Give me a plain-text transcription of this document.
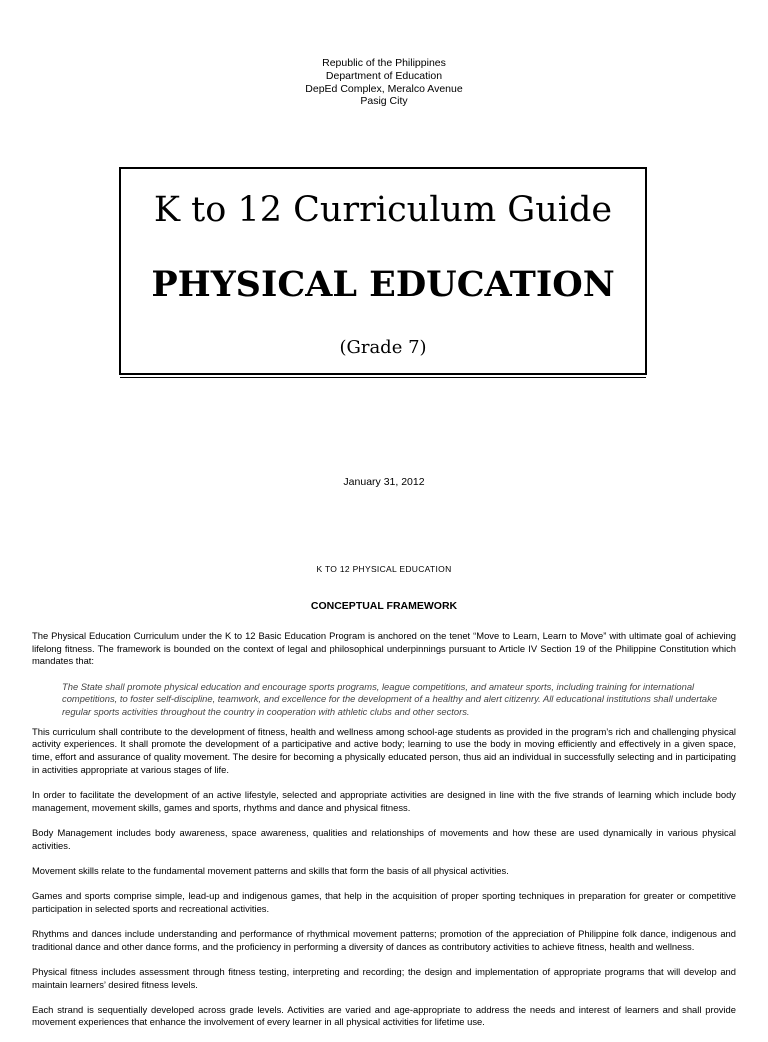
Republic of the Philippines
Department of Education
DepEd Complex, Meralco Avenue
Pasig City
K to 12 Curriculum Guide
PHYSICAL EDUCATION
(Grade 7)
January 31, 2012
K TO 12 PHYSICAL EDUCATION
CONCEPTUAL FRAMEWORK

The Physical Education Curriculum under the K to 12 Basic Education Program is anchored on the tenet “Move to Learn, Learn to Move” with ultimate goal of achieving lifelong fitness. The framework is bounded on the context of legal and philosophical underpinnings pursuant to Article IV Section 19 of the Philippine Constitution which mandates that:

The State shall promote physical education and encourage sports programs, league competitions, and amateur sports, including training for international competitions, to foster self-discipline, teamwork, and excellence for the development of a healthy and alert citizenry. All educational institutions shall undertake regular sports activities throughout the country in cooperation with athletic clubs and other sectors.

This curriculum shall contribute to the development of fitness, health and wellness among school-age students as provided in the program’s rich and challenging physical activity experiences. It shall promote the development of a participative and active body; learning to use the body in moving efficiently and effectively in a given space, time, effort and assurance of quality movement. The desire for becoming a physically educated person, thus aid an individual in successfully selecting and in participating in activities appropriate at various stages of life.

In order to facilitate the development of an active lifestyle, selected and appropriate activities are designed in line with the five strands of learning which include body management, movement skills, games and sports, rhythms and dance and physical fitness.

Body Management includes body awareness, space awareness, qualities and relationships of movements and how these are used dynamically in various physical activities.

Movement skills relate to the fundamental movement patterns and skills that form the basis of all physical activities.

Games and sports comprise simple, lead-up and indigenous games, that help in the acquisition of proper sporting techniques in preparation for greater or competitive participation in selected sports and recreational activities.

Rhythms and dances include understanding and performance of rhythmical movement patterns; promotion of the appreciation of Philippine folk dance, indigenous and traditional dance and other dance forms, and the proficiency in performing a diversity of dances as contributory activities to achieve fitness, health and wellness.

Physical fitness includes assessment through fitness testing, interpreting and recording; the design and implementation of appropriate programs that will develop and maintain learners’ desired fitness levels.

Each strand is sequentially developed across grade levels. Activities are varied and age-appropriate to address the needs and interest of learners and shall provide movement experiences that enhance the involvement of every learner in all physical activities for lifetime use.
